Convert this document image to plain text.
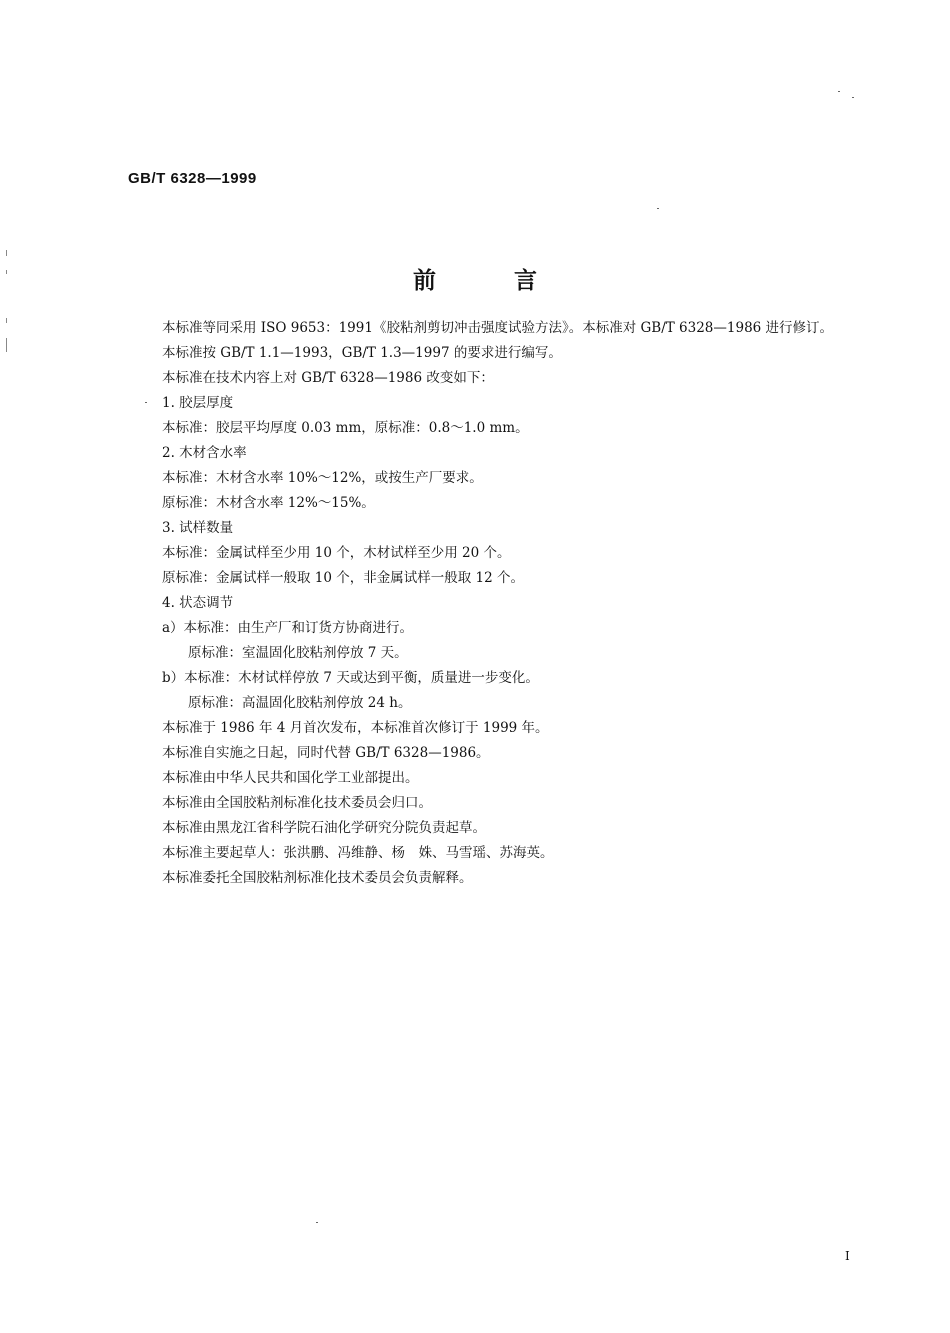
GB/T 6328—1999
前	言

本标准等同采用 ISO 9653：1991《胶粘剂剪切冲击强度试验方法》。本标准对 GB/T 6328—1986 进行修订。

本标准按 GB/T 1.1—1993，GB/T 1.3—1997 的要求进行编写。

本标准在技术内容上对 GB/T 6328—1986 改变如下：

1. 胶层厚度

本标准：胶层平均厚度 0.03 mm，原标准：0.8～1.0 mm。

2. 木材含水率

本标准：木材含水率 10%～12%，或按生产厂要求。

原标准：木材含水率 12%～15%。

3. 试样数量

本标准：金属试样至少用 10 个，木材试样至少用 20 个。

原标准：金属试样一般取 10 个，非金属试样一般取 12 个。

4. 状态调节

a）本标准：由生产厂和订货方协商进行。

原标准：室温固化胶粘剂停放 7 天。

b）本标准：木材试样停放 7 天或达到平衡，质量进一步变化。

原标准：高温固化胶粘剂停放 24 h。

本标准于 1986 年 4 月首次发布，本标准首次修订于 1999 年。

本标准自实施之日起，同时代替 GB/T 6328—1986。

本标准由中华人民共和国化学工业部提出。

本标准由全国胶粘剂标准化技术委员会归口。

本标准由黑龙江省科学院石油化学研究分院负责起草。

本标准主要起草人：张洪鹏、冯维静、杨　姝、马雪瑶、苏海英。

本标准委托全国胶粘剂标准化技术委员会负责解释。

I
